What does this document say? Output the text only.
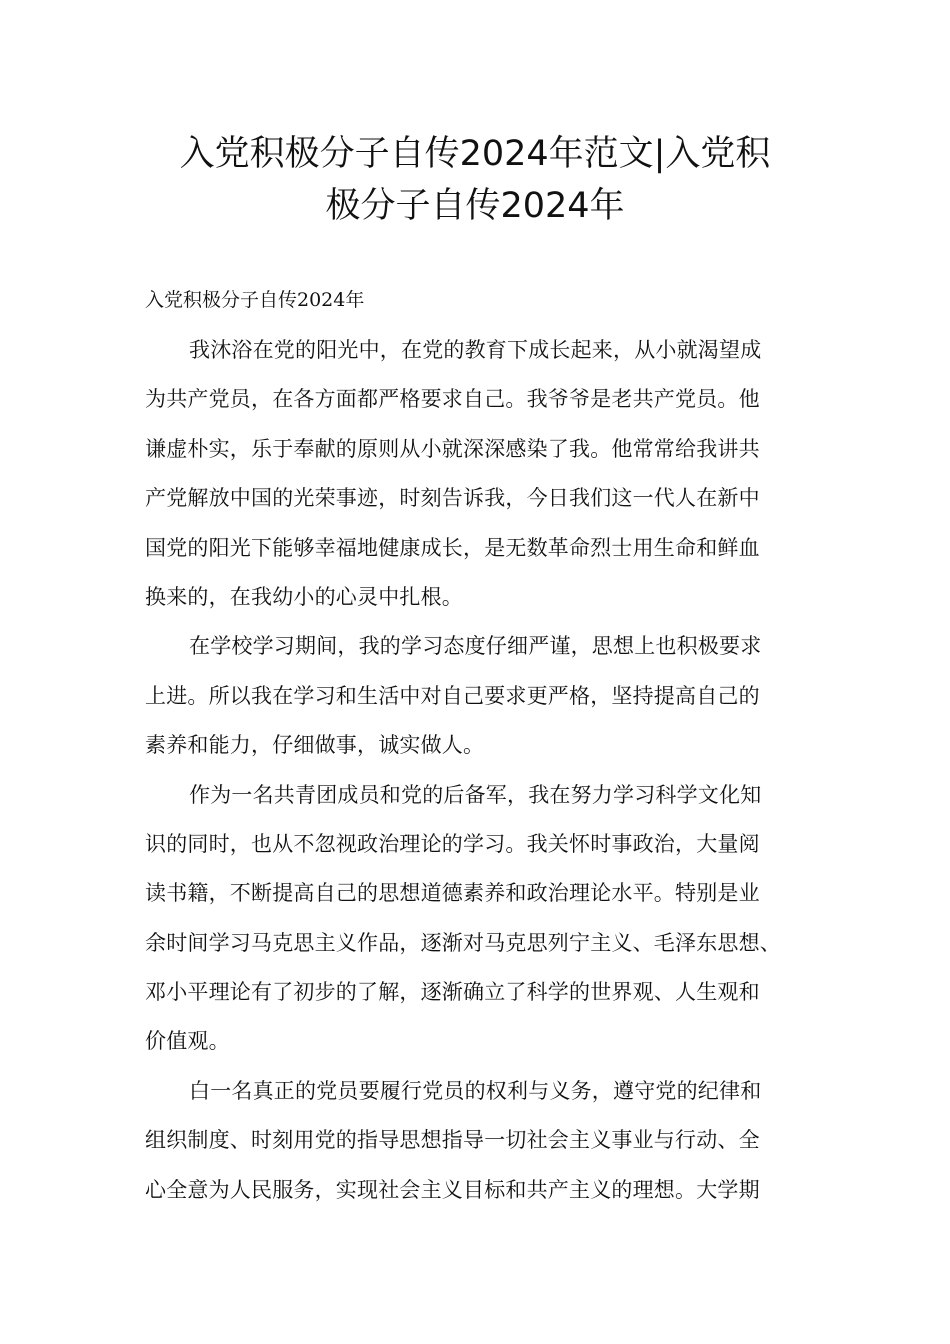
入党积极分子自传2024年范文|入党积
极分子自传2024年

入党积极分子自传2024年

我沐浴在党的阳光中，在党的教育下成长起来，从小就渴望成
为共产党员，在各方面都严格要求自己。我爷爷是老共产党员。他
谦虚朴实，乐于奉献的原则从小就深深感染了我。他常常给我讲共
产党解放中国的光荣事迹，时刻告诉我，今日我们这一代人在新中
国党的阳光下能够幸福地健康成长，是无数革命烈士用生命和鲜血
换来的，在我幼小的心灵中扎根。
在学校学习期间，我的学习态度仔细严谨，思想上也积极要求
上进。所以我在学习和生活中对自己要求更严格，坚持提高自己的
素养和能力，仔细做事，诚实做人。
作为一名共青团成员和党的后备军，我在努力学习科学文化知
识的同时，也从不忽视政治理论的学习。我关怀时事政治，大量阅
读书籍，不断提高自己的思想道德素养和政治理论水平。特别是业
余时间学习马克思主义作品，逐渐对马克思列宁主义、毛泽东思想、
邓小平理论有了初步的了解，逐渐确立了科学的世界观、人生观和
价值观。
白一名真正的党员要履行党员的权利与义务，遵守党的纪律和
组织制度、时刻用党的指导思想指导一切社会主义事业与行动、全
心全意为人民服务，实现社会主义目标和共产主义的理想。大学期
